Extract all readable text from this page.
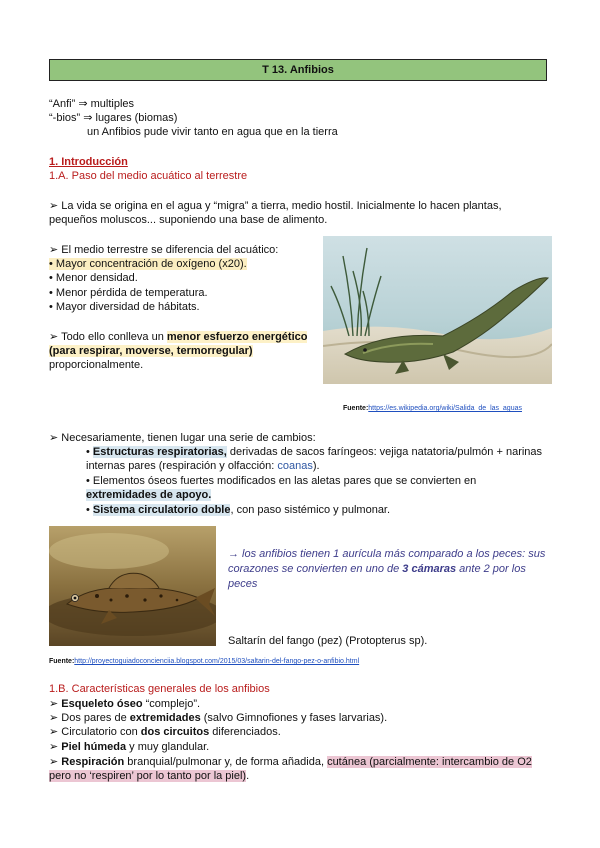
T 13. Anfibios
“Anfi” ⇒ multiples
“-bios” ⇒ lugares (biomas)
un Anfibios pude vivir tanto en agua que en la tierra
1. Introducción
1.A. Paso del medio acuático al terrestre
➢ La vida se origina en el agua y “migra” a tierra, medio hostil. Inicialmente lo hacen plantas,
pequeños moluscos... suponiendo una base de alimento.
➢ El medio terrestre se diferencia del acuático:
• Mayor concentración de oxígeno (x20).
• Menor densidad.
• Menor pérdida de temperatura.
• Mayor diversidad de hábitats.
➢ Todo ello conlleva un menor esfuerzo energético
(para respirar, moverse, termorregular)
proporcionalmente.
Fuente:https://es.wikipedia.org/wiki/Salida_de_las_aguas
➢ Necesariamente, tienen lugar una serie de cambios:
• Estructuras respiratorias, derivadas de sacos faríngeos: vejiga natatoria/pulmón + narinas
internas pares (respiración y olfacción: coanas).
• Elementos óseos fuertes modificados en las aletas pares que se convierten en
extremidades de apoyo.
• Sistema circulatorio doble, con paso sistémico y pulmonar.
→ los anfibios tienen 1 aurícula más comparado a los peces: sus
corazones se convierten en uno de 3 cámaras ante 2 por los
peces
Saltarín del fango (pez) (Protopterus sp).
Fuente:http://proyectoguiadoconcienciia.blogspot.com/2015/03/saltarin-del-fango-pez-o-anfibio.html
1.B. Características generales de los anfibios
➢ Esqueleto óseo “complejo”.
➢ Dos pares de extremidades (salvo Gimnofiones y fases larvarias).
➢ Circulatorio con dos circuitos diferenciados.
➢ Piel húmeda y muy glandular.
➢ Respiración branquial/pulmonar y, de forma añadida, cutánea (parcialmente: intercambio de O2
pero no ‘respiren’ por lo tanto por la piel).
